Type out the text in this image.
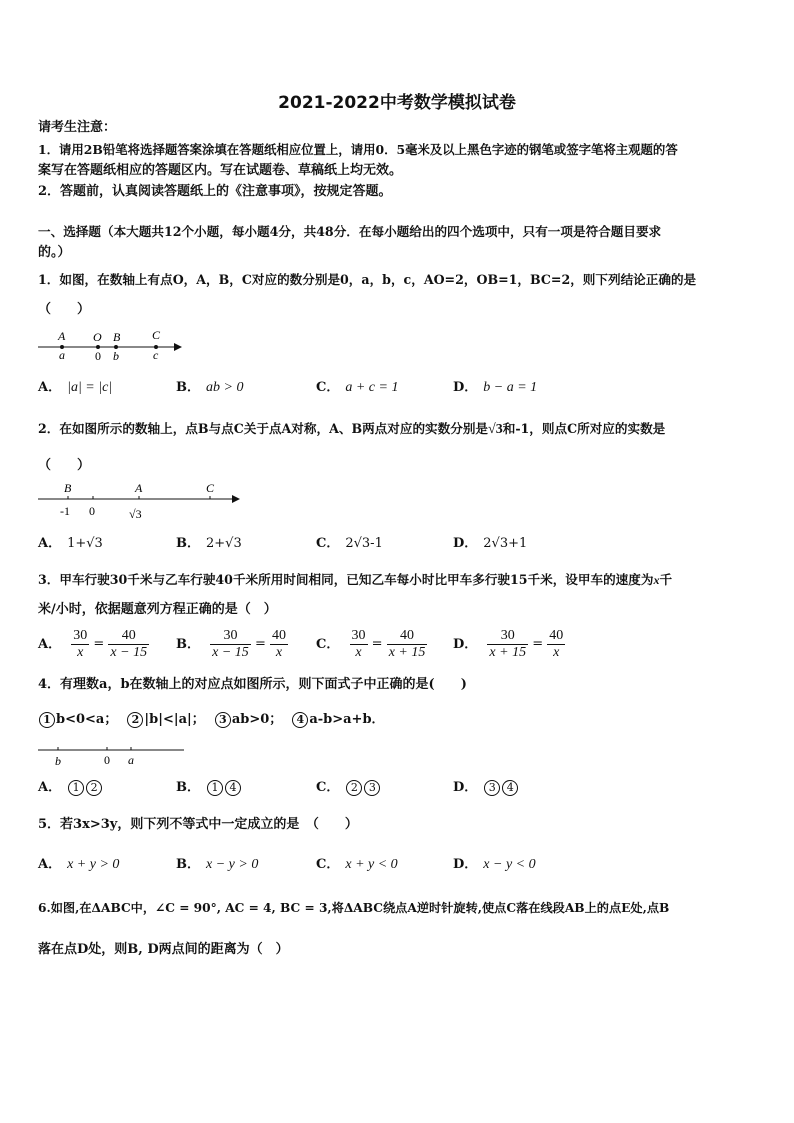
2021-2022中考数学模拟试卷
请考生注意：
1．请用2B铅笔将选择题答案涂填在答题纸相应位置上，请用0．5毫米及以上黑色字迹的钢笔或签字笔将主观题的答
案写在答题纸相应的答题区内。写在试题卷、草稿纸上均无效。
2．答题前，认真阅读答题纸上的《注意事项》，按规定答题。
一、选择题（本大题共12个小题，每小题4分，共48分．在每小题给出的四个选项中，只有一项是符合题目要求
的。）
1．如图，在数轴上有点O，A，B，C对应的数分别是0，a，b，c，AO=2，OB=1，BC=2，则下列结论正确的是
（　　）
A O B	C
a	0 b	c
A． |a| = |c|	B． ab > 0	C． a + c = 1	D． b − a = 1
2．在如图所示的数轴上，点B与点C关于点A对称，A、B两点对应的实数分别是√3和-1，则点C所对应的实数是
（　　）
B	A	C
-1 0	√3
A． 1+√3	B． 2+√3	C． 2√3-1	D． 2√3+1
3．甲车行驶30千米与乙车行驶40千米所用时间相同，已知乙车每小时比甲车多行驶15千米，设甲车的速度为x千
米/小时，依据题意列方程正确的是（　）
A． $\frac{30}{x} = \frac{40}{x - 15}$ B． $\frac{30}{x - 15} = \frac{40}{x}$ C． $\frac{30}{x} = \frac{40}{x + 15}$ D． $\frac{30}{x + 15} = \frac{40}{x}$
4．有理数a，b在数轴上的对应点如图所示，则下面式子中正确的是(　　)
1 b<0<a； 2 |b|<|a|； 3 ab>0； 4 a-b>a+b．
b	0 a
A． 1 2	B． 1 4	C． 2 3	D． 3 4
5．若3x>3y，则下列不等式中一定成立的是　（　　）
A． x + y > 0	B． x − y > 0	C． x + y < 0	D． x − y < 0
6.如图,在ΔABC中，∠C = 90°, AC = 4, BC = 3,将ΔABC绕点A逆时针旋转,使点C落在线段AB上的点E处,点B
落在点D处，则B, D两点间的距离为（　）
